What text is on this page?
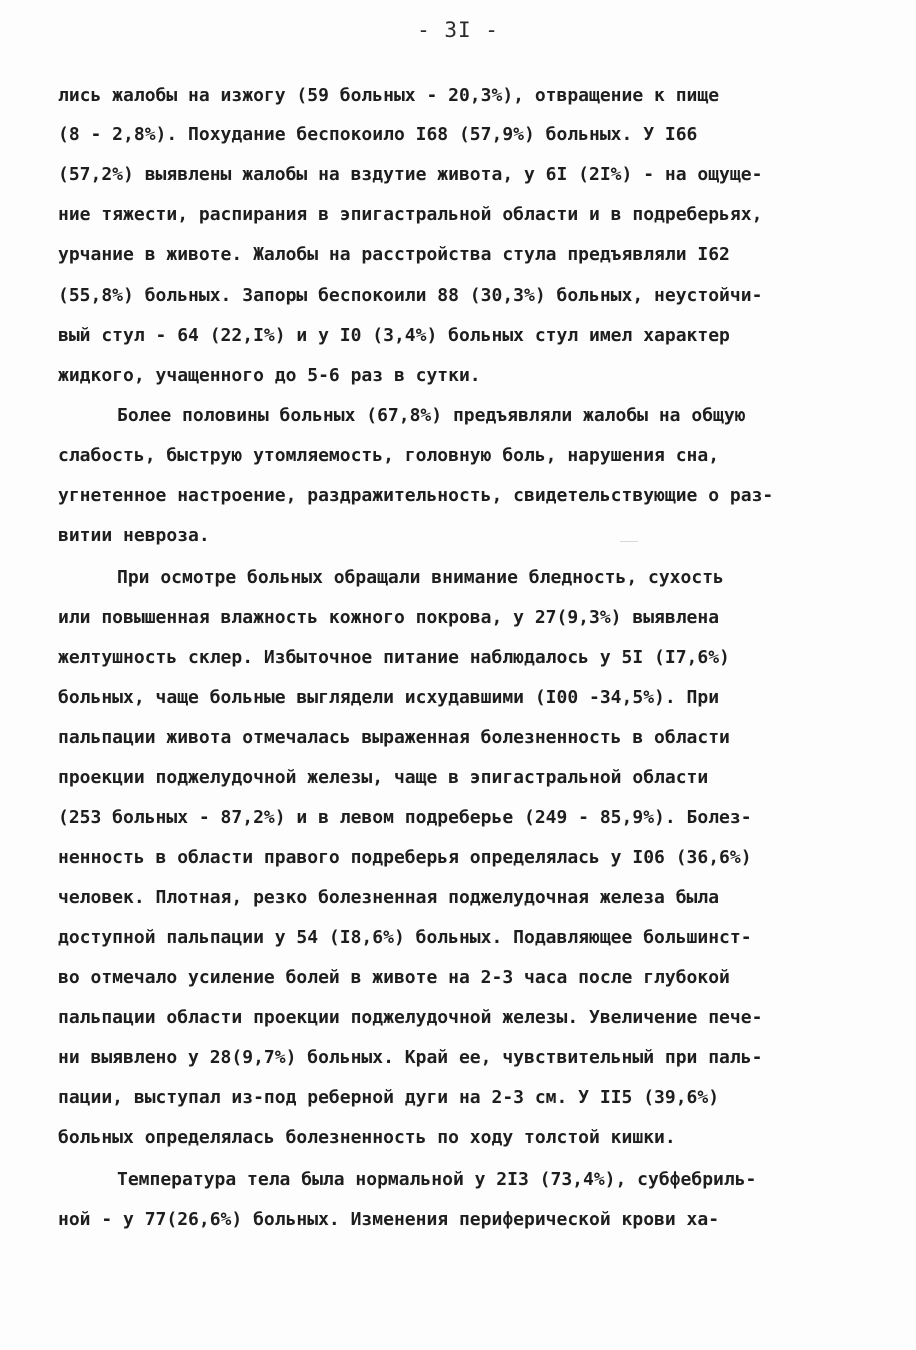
- 3I -
лись жалобы на изжогу (59 больных - 20,3%), отвращение к пище
(8 - 2,8%). Похудание беспокоило I68 (57,9%) больных. У I66
(57,2%) выявлены жалобы на вздутие живота, у 6I (2I%) - на ощуще-
ние тяжести, распирания в эпигастральной области и в подреберьях,
урчание в животе. Жалобы на расстройства стула предъявляли I62
(55,8%) больных. Запоры беспокоили 88 (30,3%) больных, неустойчи-
вый стул - 64 (22,I%) и у I0 (3,4%) больных стул имел характер
жидкого, учащенного до 5-6 раз в сутки.
Более половины больных (67,8%) предъявляли жалобы на общую
слабость, быструю утомляемость, головную боль, нарушения сна,
угнетенное настроение, раздражительность, свидетельствующие о раз-
витии невроза.
При осмотре больных обращали внимание бледность, сухость
или повышенная влажность кожного покрова, у 27(9,3%) выявлена
желтушность склер. Избыточное питание наблюдалось у 5I (I7,6%)
больных, чаще больные выглядели исхудавшими (I00 -34,5%). При
пальпации живота отмечалась выраженная болезненность в области
проекции поджелудочной железы, чаще в эпигастральной области
(253 больных - 87,2%) и в левом подреберье (249 - 85,9%). Болез-
ненность в области правого подреберья определялась у I06 (36,6%)
человек. Плотная, резко болезненная поджелудочная железа была
доступной пальпации у 54 (I8,6%) больных. Подавляющее большинст-
во отмечало усиление болей в животе на 2-3 часа после глубокой
пальпации области проекции поджелудочной железы. Увеличение пече-
ни выявлено у 28(9,7%) больных. Край ее, чувствительный при паль-
пации, выступал из-под реберной дуги на 2-3 см. У II5 (39,6%)
больных определялась болезненность по ходу толстой кишки.
Температура тела была нормальной у 2I3 (73,4%), субфебриль-
ной - у 77(26,6%) больных. Изменения периферической крови ха-
